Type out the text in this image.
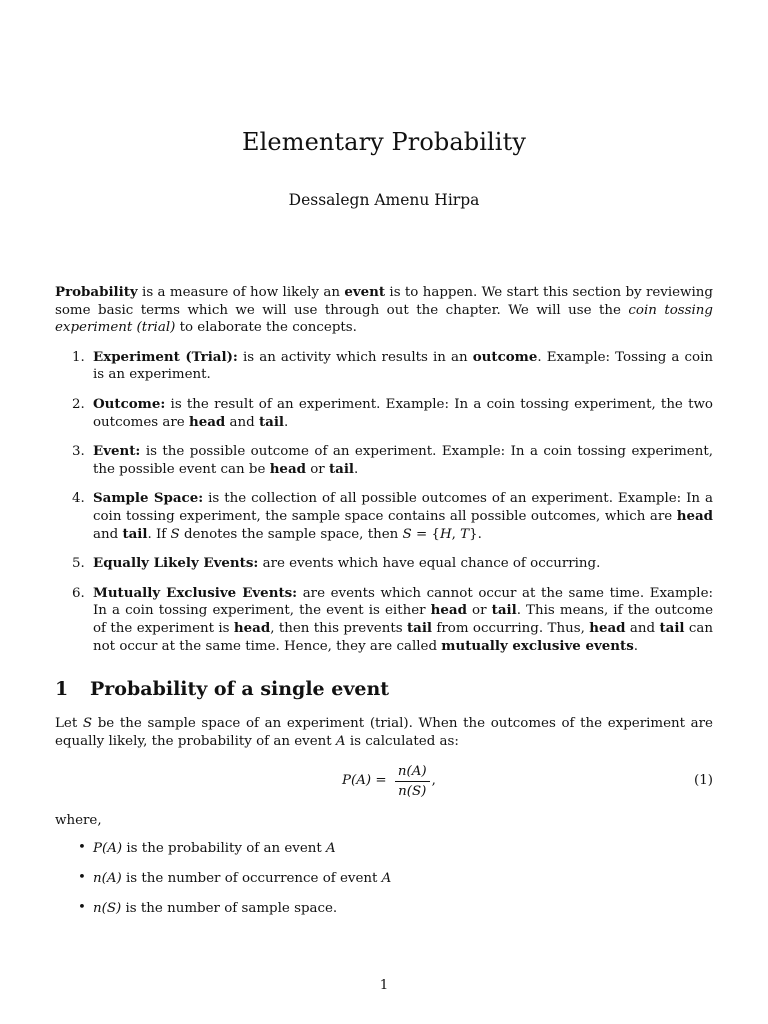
Elementary Probability
Dessalegn Amenu Hirpa

Probability is a measure of how likely an event is to happen. We start this section by reviewing some basic terms which we will use through out the chapter. We will use the coin tossing experiment (trial) to elaborate the concepts.

1. Experiment (Trial): is an activity which results in an outcome. Example: Tossing a coin is an experiment.
2. Outcome: is the result of an experiment. Example: In a coin tossing experiment, the two outcomes are head and tail.
3. Event: is the possible outcome of an experiment. Example: In a coin tossing experiment, the possible event can be head or tail.
4. Sample Space: is the collection of all possible outcomes of an experiment. Example: In a coin tossing experiment, the sample space contains all possible outcomes, which are head and tail. If S denotes the sample space, then S = {H, T}.
5. Equally Likely Events: are events which have equal chance of occurring.
6. Mutually Exclusive Events: are events which cannot occur at the same time. Example: In a coin tossing experiment, the event is either head or tail. This means, if the outcome of the experiment is head, then this prevents tail from occurring. Thus, head and tail can not occur at the same time. Hence, they are called mutually exclusive events.
1 Probability of a single event

Let S be the sample space of an experiment (trial). When the outcomes of the experiment are equally likely, the probability of an event A is calculated as:

P $(A) = \frac{n(A)}{n(S)}$ ,	(1)

where,

• P(A) is the probability of an event A
• n(A) is the number of occurrence of event A
• n(S) is the number of sample space.
1
